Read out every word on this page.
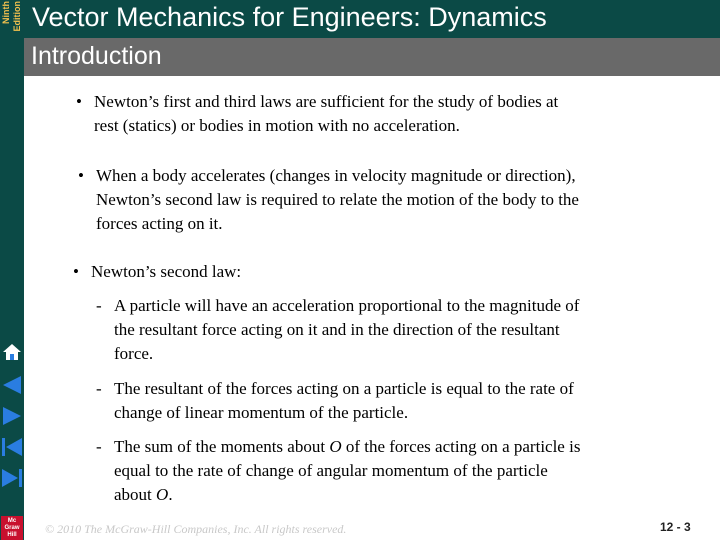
Ninth Edition Vector Mechanics for Engineers: Dynamics
Introduction
Mc
Graw
Hill
• Newton’s first and third laws are sufficient for the study of bodies at
rest (statics) or bodies in motion with no acceleration.
• When a body accelerates (changes in velocity magnitude or direction),
Newton’s second law is required to relate the motion of the body to the
forces acting on it.
• Newton’s second law:
- A particle will have an acceleration proportional to the magnitude of
the resultant force acting on it and in the direction of the resultant
force.
- The resultant of the forces acting on a particle is equal to the rate of
change of linear momentum of the particle.
- The sum of the moments about O of the forces acting on a particle is
equal to the rate of change of angular momentum of the particle
about O.
© 2010 The McGraw-Hill Companies, Inc. All rights reserved.	12 - 3
